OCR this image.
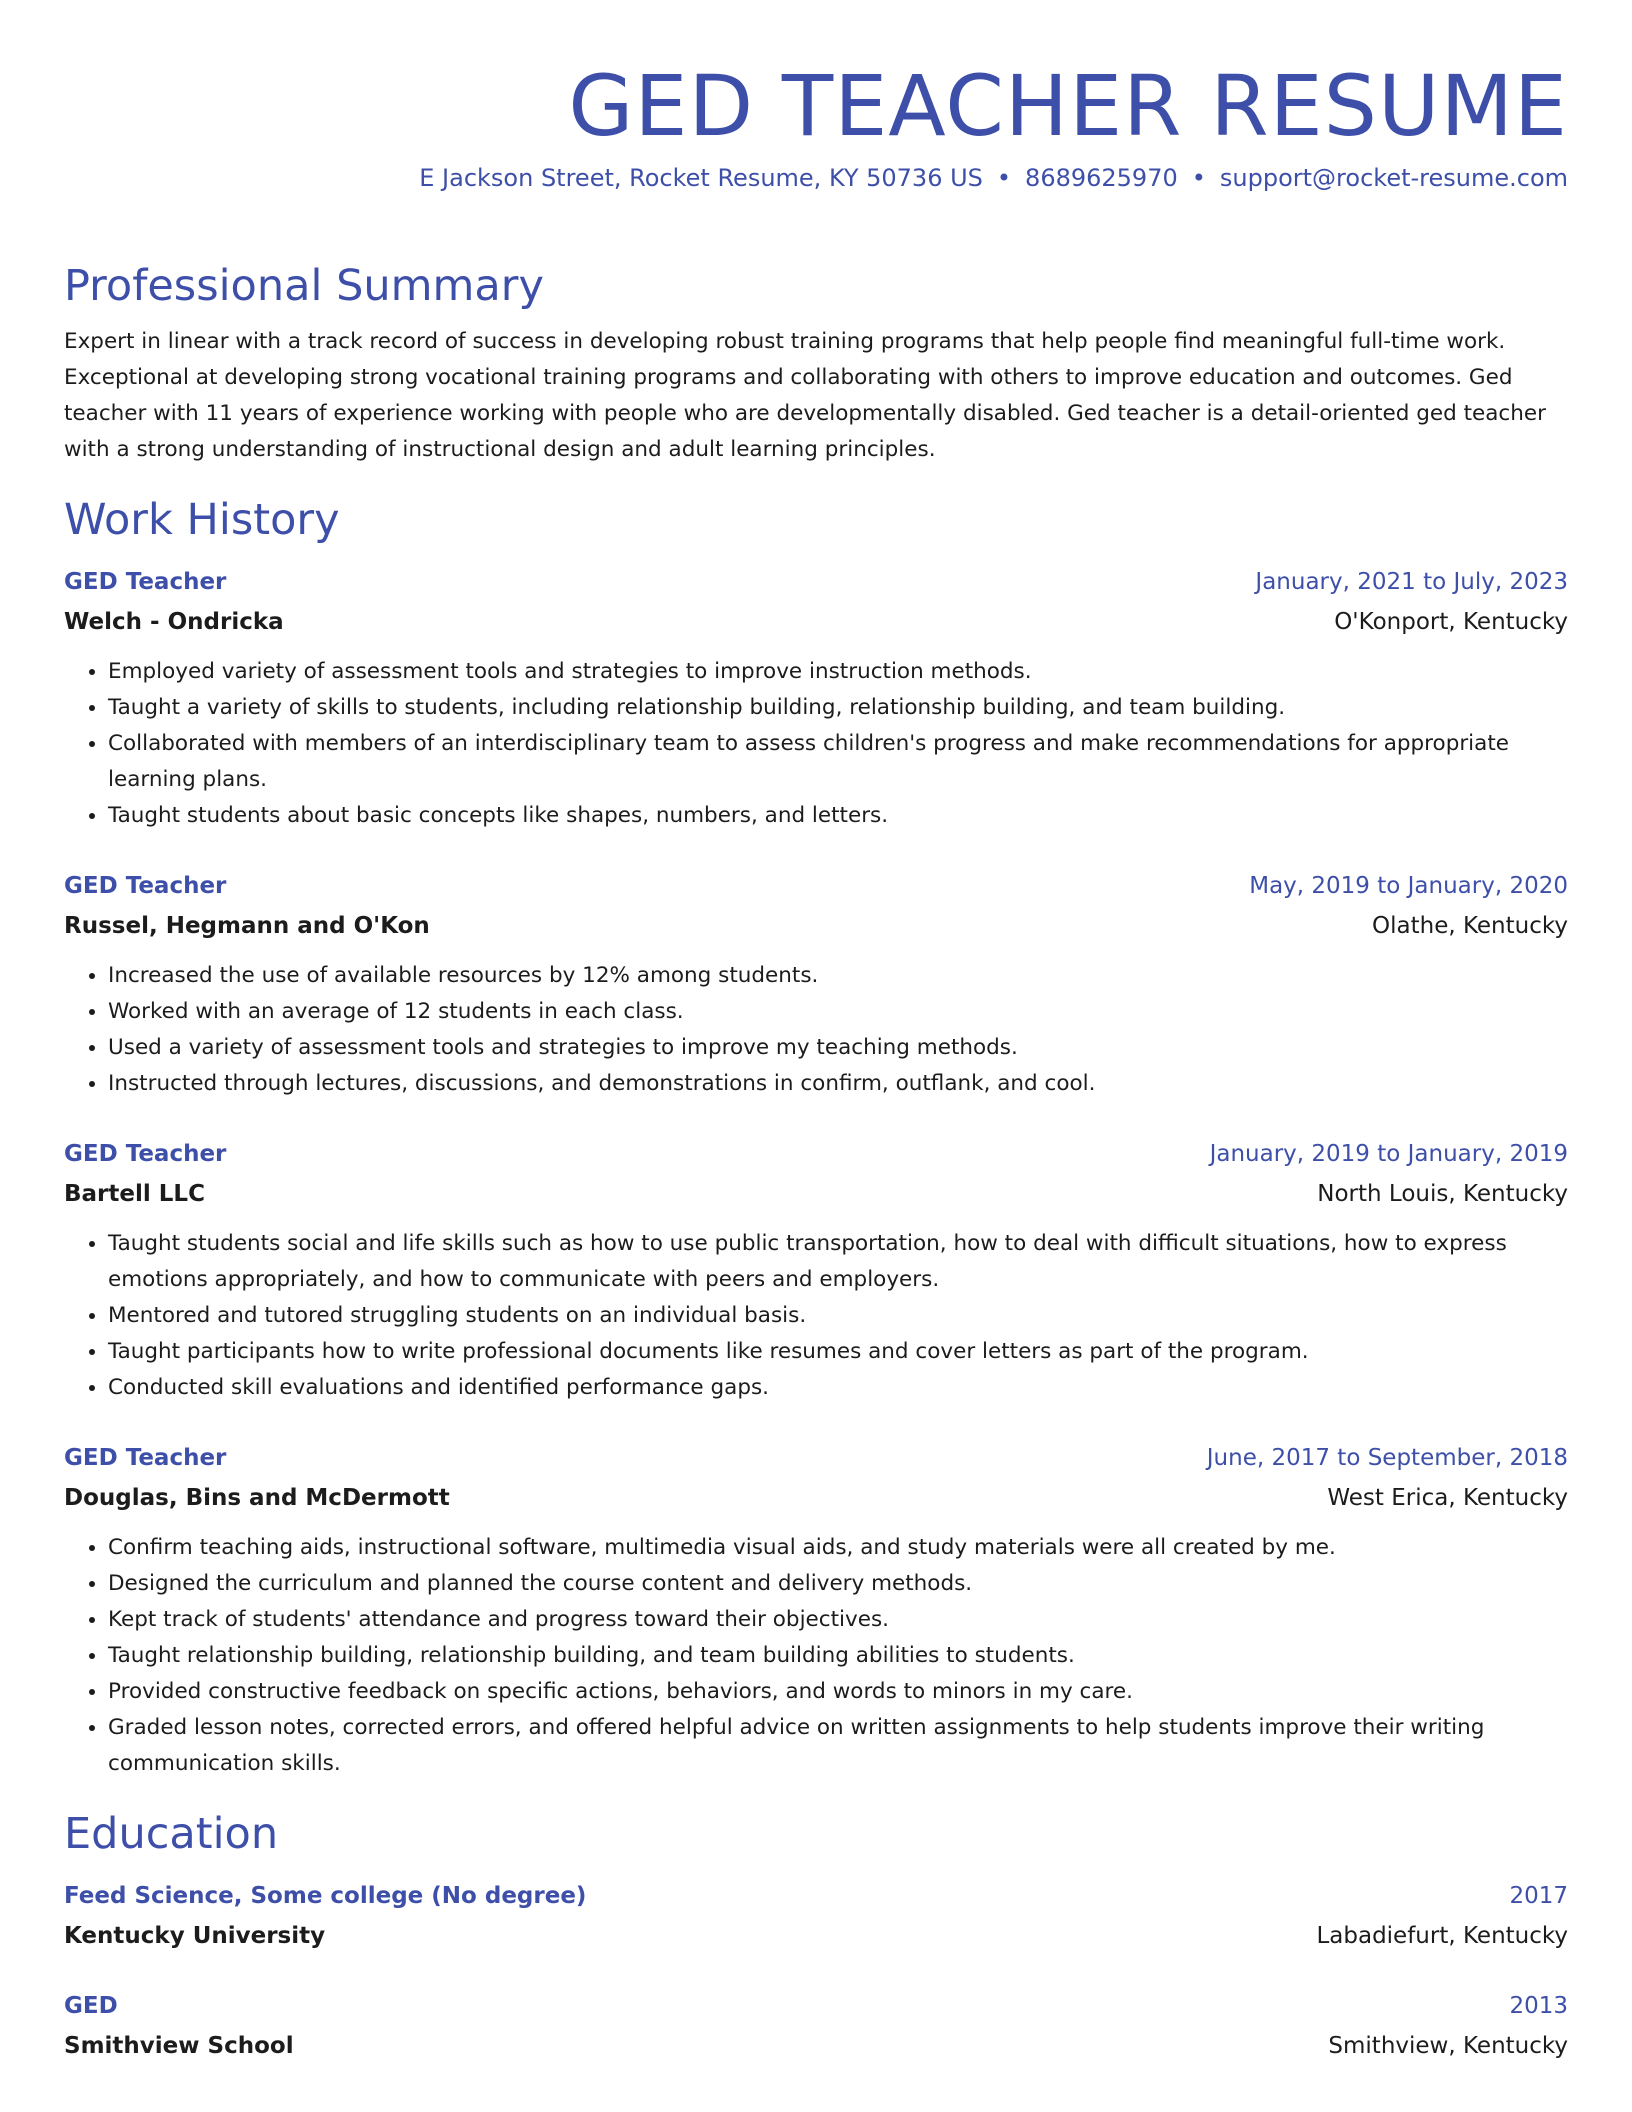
GED TEACHER RESUME
E Jackson Street, Rocket Resume, KY 50736 US • 8689625970 • support@rocket-resume.com
Professional Summary

Expert in linear with a track record of success in developing robust training programs that help people find meaningful full-time work. Exceptional at developing strong vocational training programs and collaborating with others to improve education and outcomes. Ged teacher with 11 years of experience working with people who are developmentally disabled. Ged teacher is a detail-oriented ged teacher with a strong understanding of instructional design and adult learning principles.

Work History
GED Teacher	January, 2021 to July, 2023
Welch - Ondricka	O'Konport, Kentucky
• Employed variety of assessment tools and strategies to improve instruction methods.
• Taught a variety of skills to students, including relationship building, relationship building, and team building.
• Collaborated with members of an interdisciplinary team to assess children's progress and make recommendations for appropriate learning plans.
• Taught students about basic concepts like shapes, numbers, and letters.
GED Teacher	May, 2019 to January, 2020
Russel, Hegmann and O'Kon	Olathe, Kentucky
• Increased the use of available resources by 12% among students.
• Worked with an average of 12 students in each class.
• Used a variety of assessment tools and strategies to improve my teaching methods.
• Instructed through lectures, discussions, and demonstrations in confirm, outflank, and cool.
GED Teacher	January, 2019 to January, 2019
Bartell LLC	North Louis, Kentucky
• Taught students social and life skills such as how to use public transportation, how to deal with difficult situations, how to express emotions appropriately, and how to communicate with peers and employers.
• Mentored and tutored struggling students on an individual basis.
• Taught participants how to write professional documents like resumes and cover letters as part of the program.
• Conducted skill evaluations and identified performance gaps.
GED Teacher	June, 2017 to September, 2018
Douglas, Bins and McDermott	West Erica, Kentucky
• Confirm teaching aids, instructional software, multimedia visual aids, and study materials were all created by me.
• Designed the curriculum and planned the course content and delivery methods.
• Kept track of students' attendance and progress toward their objectives.
• Taught relationship building, relationship building, and team building abilities to students.
• Provided constructive feedback on specific actions, behaviors, and words to minors in my care.
• Graded lesson notes, corrected errors, and offered helpful advice on written assignments to help students improve their writing communication skills.
Education
Feed Science, Some college (No degree)	2017
Kentucky University	Labadiefurt, Kentucky
GED	2013
Smithview School	Smithview, Kentucky
